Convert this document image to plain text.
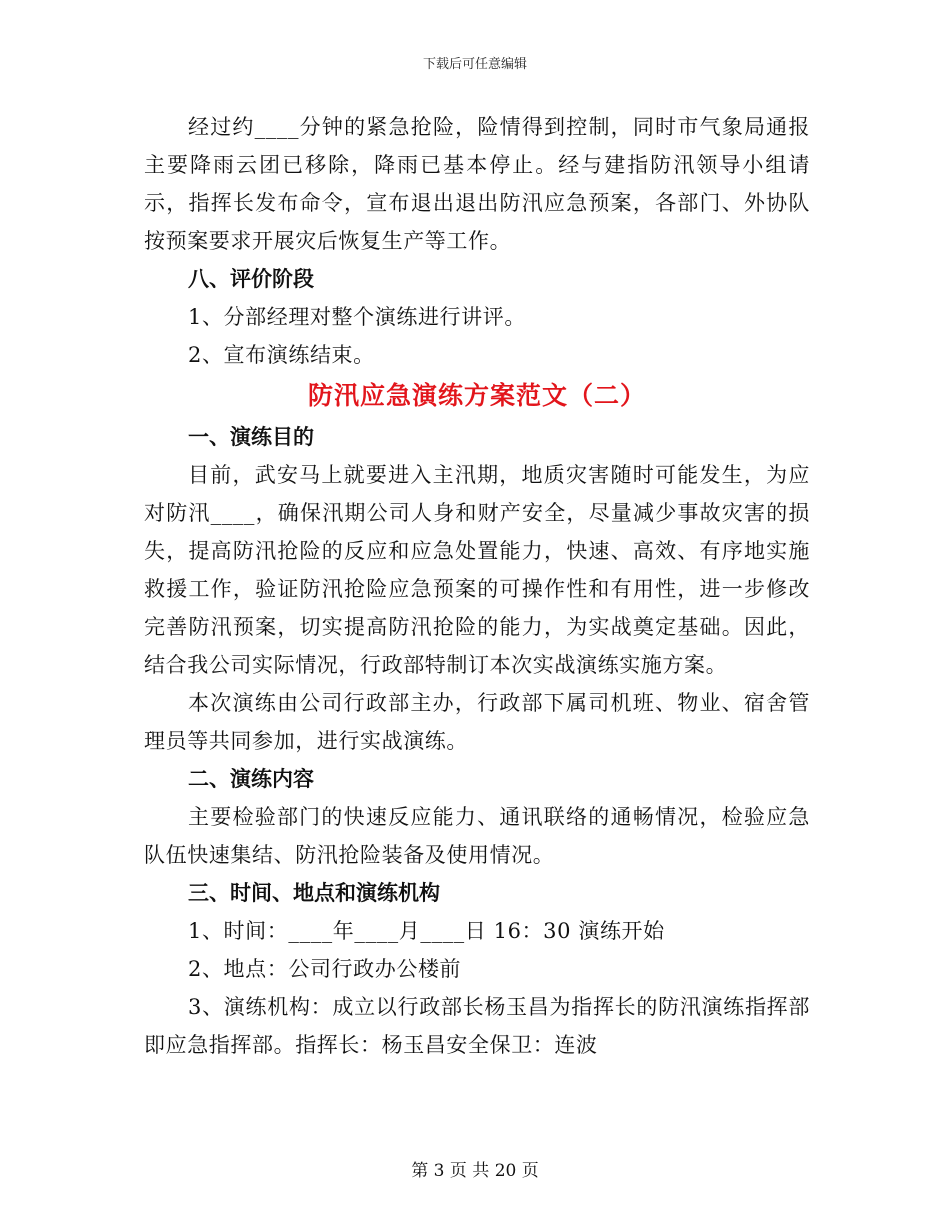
下载后可任意编辑

经过约____分钟的紧急抢险，险情得到控制，同时市气象局通报主要降雨云团已移除，降雨已基本停止。经与建指防汛领导小组请示，指挥长发布命令，宣布退出退出防汛应急预案，各部门、外协队按预案要求开展灾后恢复生产等工作。

八、评价阶段

1、分部经理对整个演练进行讲评。

2、宣布演练结束。

防汛应急演练方案范文（二）

一、演练目的

目前，武安马上就要进入主汛期，地质灾害随时可能发生，为应对防汛____，确保汛期公司人身和财产安全，尽量减少事故灾害的损失，提高防汛抢险的反应和应急处置能力，快速、高效、有序地实施救援工作，验证防汛抢险应急预案的可操作性和有用性，进一步修改完善防汛预案，切实提高防汛抢险的能力，为实战奠定基础。因此，结合我公司实际情况，行政部特制订本次实战演练实施方案。

本次演练由公司行政部主办，行政部下属司机班、物业、宿舍管理员等共同参加，进行实战演练。

二、演练内容

主要检验部门的快速反应能力、通讯联络的通畅情况，检验应急队伍快速集结、防汛抢险装备及使用情况。

三、时间、地点和演练机构

1、时间：____年____月____日 16：30 演练开始

2、地点：公司行政办公楼前

3、演练机构：成立以行政部长杨玉昌为指挥长的防汛演练指挥部即应急指挥部。指挥长：杨玉昌安全保卫：连波

第 3 页 共 20 页
